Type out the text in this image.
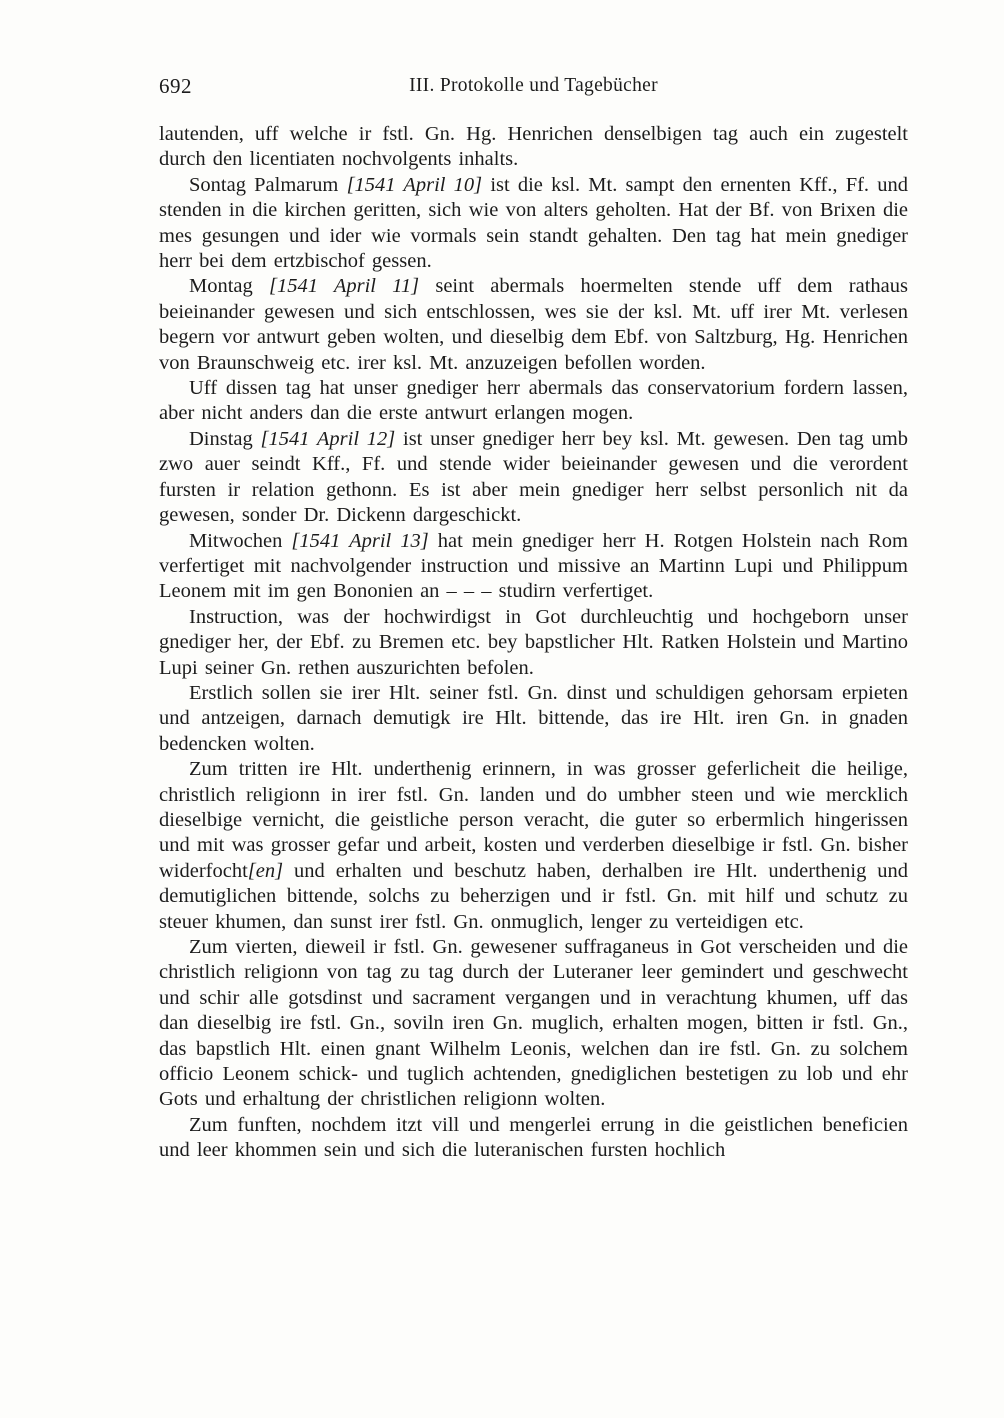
692	III. Protokolle und Tagebücher

lautenden, uff welche ir fstl. Gn. Hg. Henrichen denselbigen tag auch ein zugestelt durch den licentiaten nochvolgents inhalts.

Sontag Palmarum [1541 April 10] ist die ksl. Mt. sampt den ernenten Kff., Ff. und stenden in die kirchen geritten, sich wie von alters geholten. Hat der Bf. von Brixen die mes gesungen und ider wie vormals sein standt gehalten. Den tag hat mein gnediger herr bei dem ertzbischof gessen.

Montag [1541 April 11] seint abermals hoermelten stende uff dem rathaus beieinander gewesen und sich entschlossen, wes sie der ksl. Mt. uff irer Mt. verlesen begern vor antwurt geben wolten, und dieselbig dem Ebf. von Saltzburg, Hg. Henrichen von Braunschweig etc. irer ksl. Mt. anzuzeigen befollen worden.

Uff dissen tag hat unser gnediger herr abermals das conservatorium fordern lassen, aber nicht anders dan die erste antwurt erlangen mogen.

Dinstag [1541 April 12] ist unser gnediger herr bey ksl. Mt. gewesen. Den tag umb zwo auer seindt Kff., Ff. und stende wider beieinander gewesen und die verordent fursten ir relation gethonn. Es ist aber mein gnediger herr selbst personlich nit da gewesen, sonder Dr. Dickenn dargeschickt.

Mitwochen [1541 April 13] hat mein gnediger herr H. Rotgen Holstein nach Rom verfertiget mit nachvolgender instruction und missive an Martinn Lupi und Philippum Leonem mit im gen Bononien an – – – studirn verfertiget.

Instruction, was der hochwirdigst in Got durchleuchtig und hochgeborn unser gnediger her, der Ebf. zu Bremen etc. bey bapstlicher Hlt. Ratken Holstein und Martino Lupi seiner Gn. rethen auszurichten befolen.

Erstlich sollen sie irer Hlt. seiner fstl. Gn. dinst und schuldigen gehorsam erpieten und antzeigen, darnach demutigk ire Hlt. bittende, das ire Hlt. iren Gn. in gnaden bedencken wolten.

Zum tritten ire Hlt. underthenig erinnern, in was grosser geferlicheit die heilige, christlich religionn in irer fstl. Gn. landen und do umbher steen und wie mercklich dieselbige vernicht, die geistliche person veracht, die guter so erbermlich hingerissen und mit was grosser gefar und arbeit, kosten und verderben dieselbige ir fstl. Gn. bisher widerfocht[en] und erhalten und beschutz haben, derhalben ire Hlt. underthenig und demutiglichen bittende, solchs zu beherzigen und ir fstl. Gn. mit hilf und schutz zu steuer khumen, dan sunst irer fstl. Gn. onmuglich, lenger zu verteidigen etc.

Zum vierten, dieweil ir fstl. Gn. gewesener suffraganeus in Got verscheiden und die christlich religionn von tag zu tag durch der Luteraner leer gemindert und geschwecht und schir alle gotsdinst und sacrament vergangen und in verachtung khumen, uff das dan dieselbig ire fstl. Gn., soviln iren Gn. muglich, erhalten mogen, bitten ir fstl. Gn., das bapstlich Hlt. einen gnant Wilhelm Leonis, welchen dan ire fstl. Gn. zu solchem officio Leonem schick- und tuglich achtenden, gnediglichen bestetigen zu lob und ehr Gots und erhaltung der christlichen religionn wolten.

Zum funften, nochdem itzt vill und mengerlei errung in die geistlichen beneficien und leer khommen sein und sich die luteranischen fursten hochlich
